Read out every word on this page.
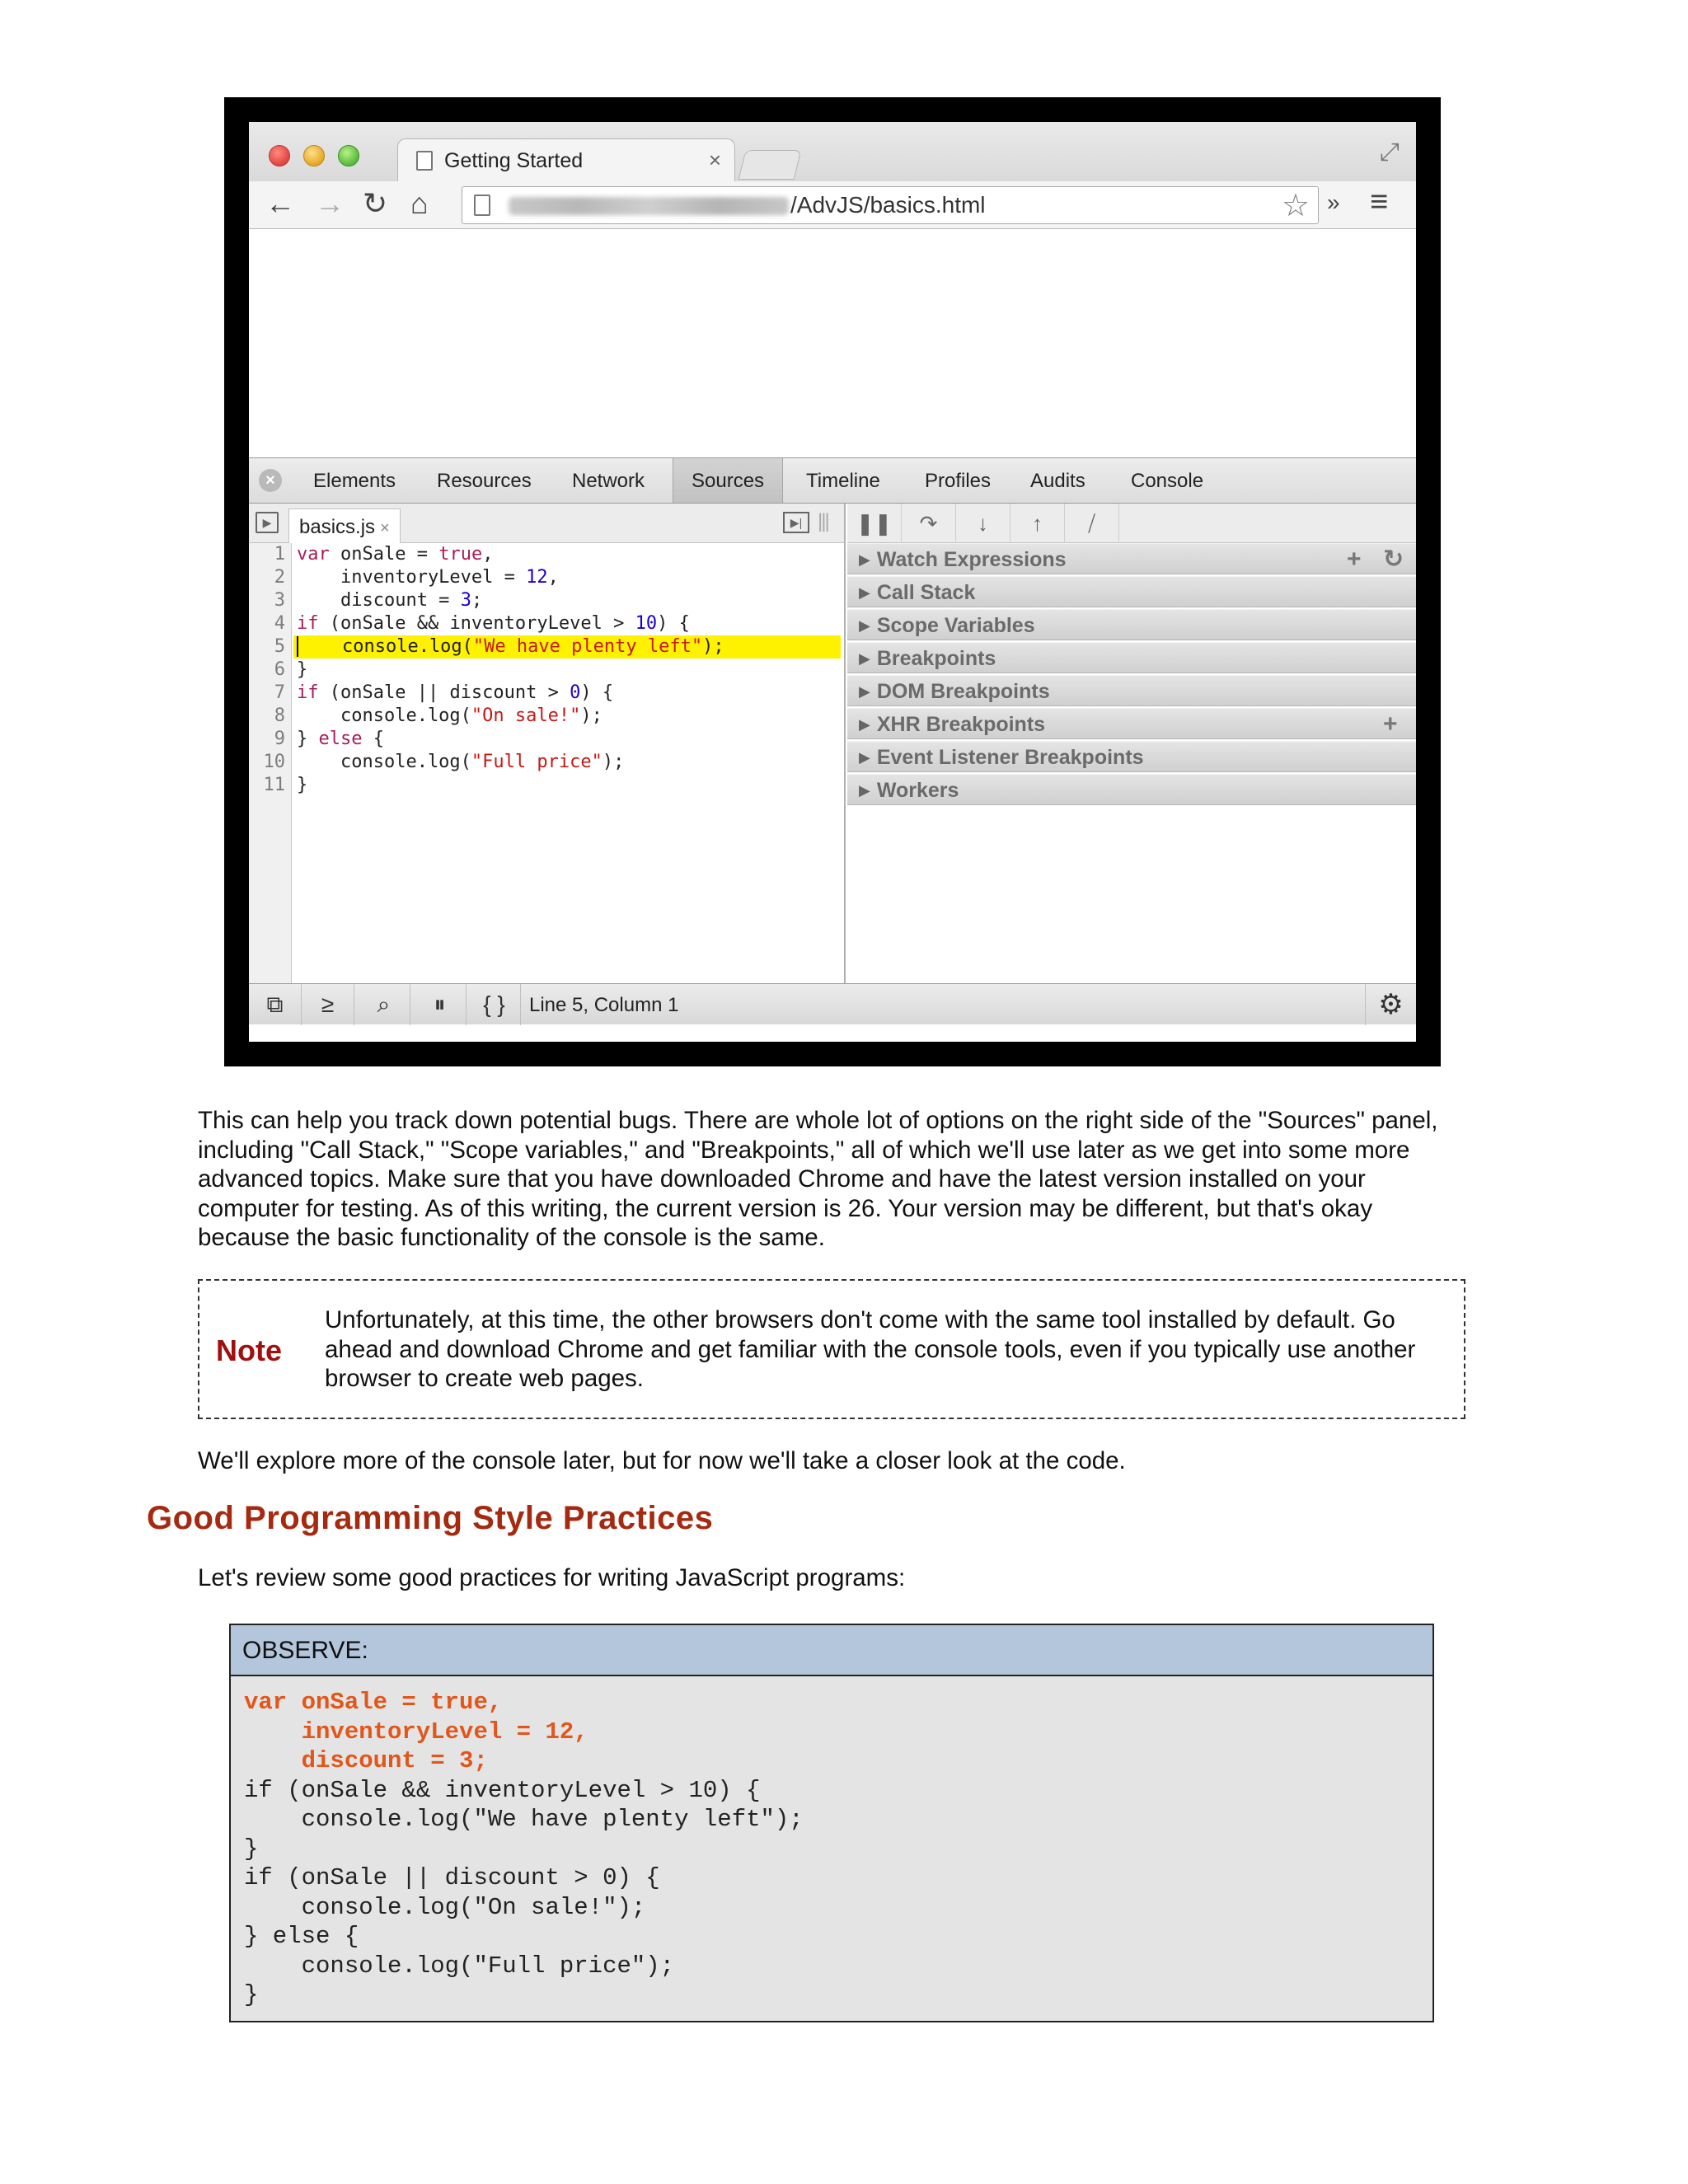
Getting Started	×	⤢
← → ↻ ⌂	/AdvJS/basics.html	☆ » ≡
×	Elements Resources Network	Sources	Timeline Profiles Audits Console
▶	basics.js ×	▶| |||
1
2
3
4
5
6
7
8
9
10
11
var onSale = true,
inventoryLevel = 12,
discount = 3;
if (onSale && inventoryLevel > 10) {
console.log("We have plenty left");
}
if (onSale || discount > 0) {
console.log("On sale!");
} else {
console.log("Full price");
}
❚❚	↷	↓	↑	⧸
▶ Watch Expressions	+ ↻
▶ Call Stack
▶ Scope Variables
▶ Breakpoints
▶ DOM Breakpoints
▶ XHR Breakpoints	+
▶ Event Listener Breakpoints
▶ Workers
⧉	≥	⌕	⏸	{ }	Line 5, Column 1	⚙

This can help you track down potential bugs. There are whole lot of options on the right side of the "Sources" panel, including "Call Stack," "Scope variables," and "Breakpoints," all of which we'll use later as we get into some more advanced topics. Make sure that you have downloaded Chrome and have the latest version installed on your computer for testing. As of this writing, the current version is 26. Your version may be different, but that's okay because the basic functionality of the console is the same.

Note

Unfortunately, at this time, the other browsers don't come with the same tool installed by default. Go ahead and download Chrome and get familiar with the console tools, even if you typically use another browser to create web pages.

We'll explore more of the console later, but for now we'll take a closer look at the code.

Good Programming Style Practices

Let's review some good practices for writing JavaScript programs:

OBSERVE:
var onSale = true,
inventoryLevel = 12,
discount = 3;
if (onSale && inventoryLevel > 10) {
console.log("We have plenty left");
}
if (onSale || discount > 0) {
console.log("On sale!");
} else {
console.log("Full price");
}
